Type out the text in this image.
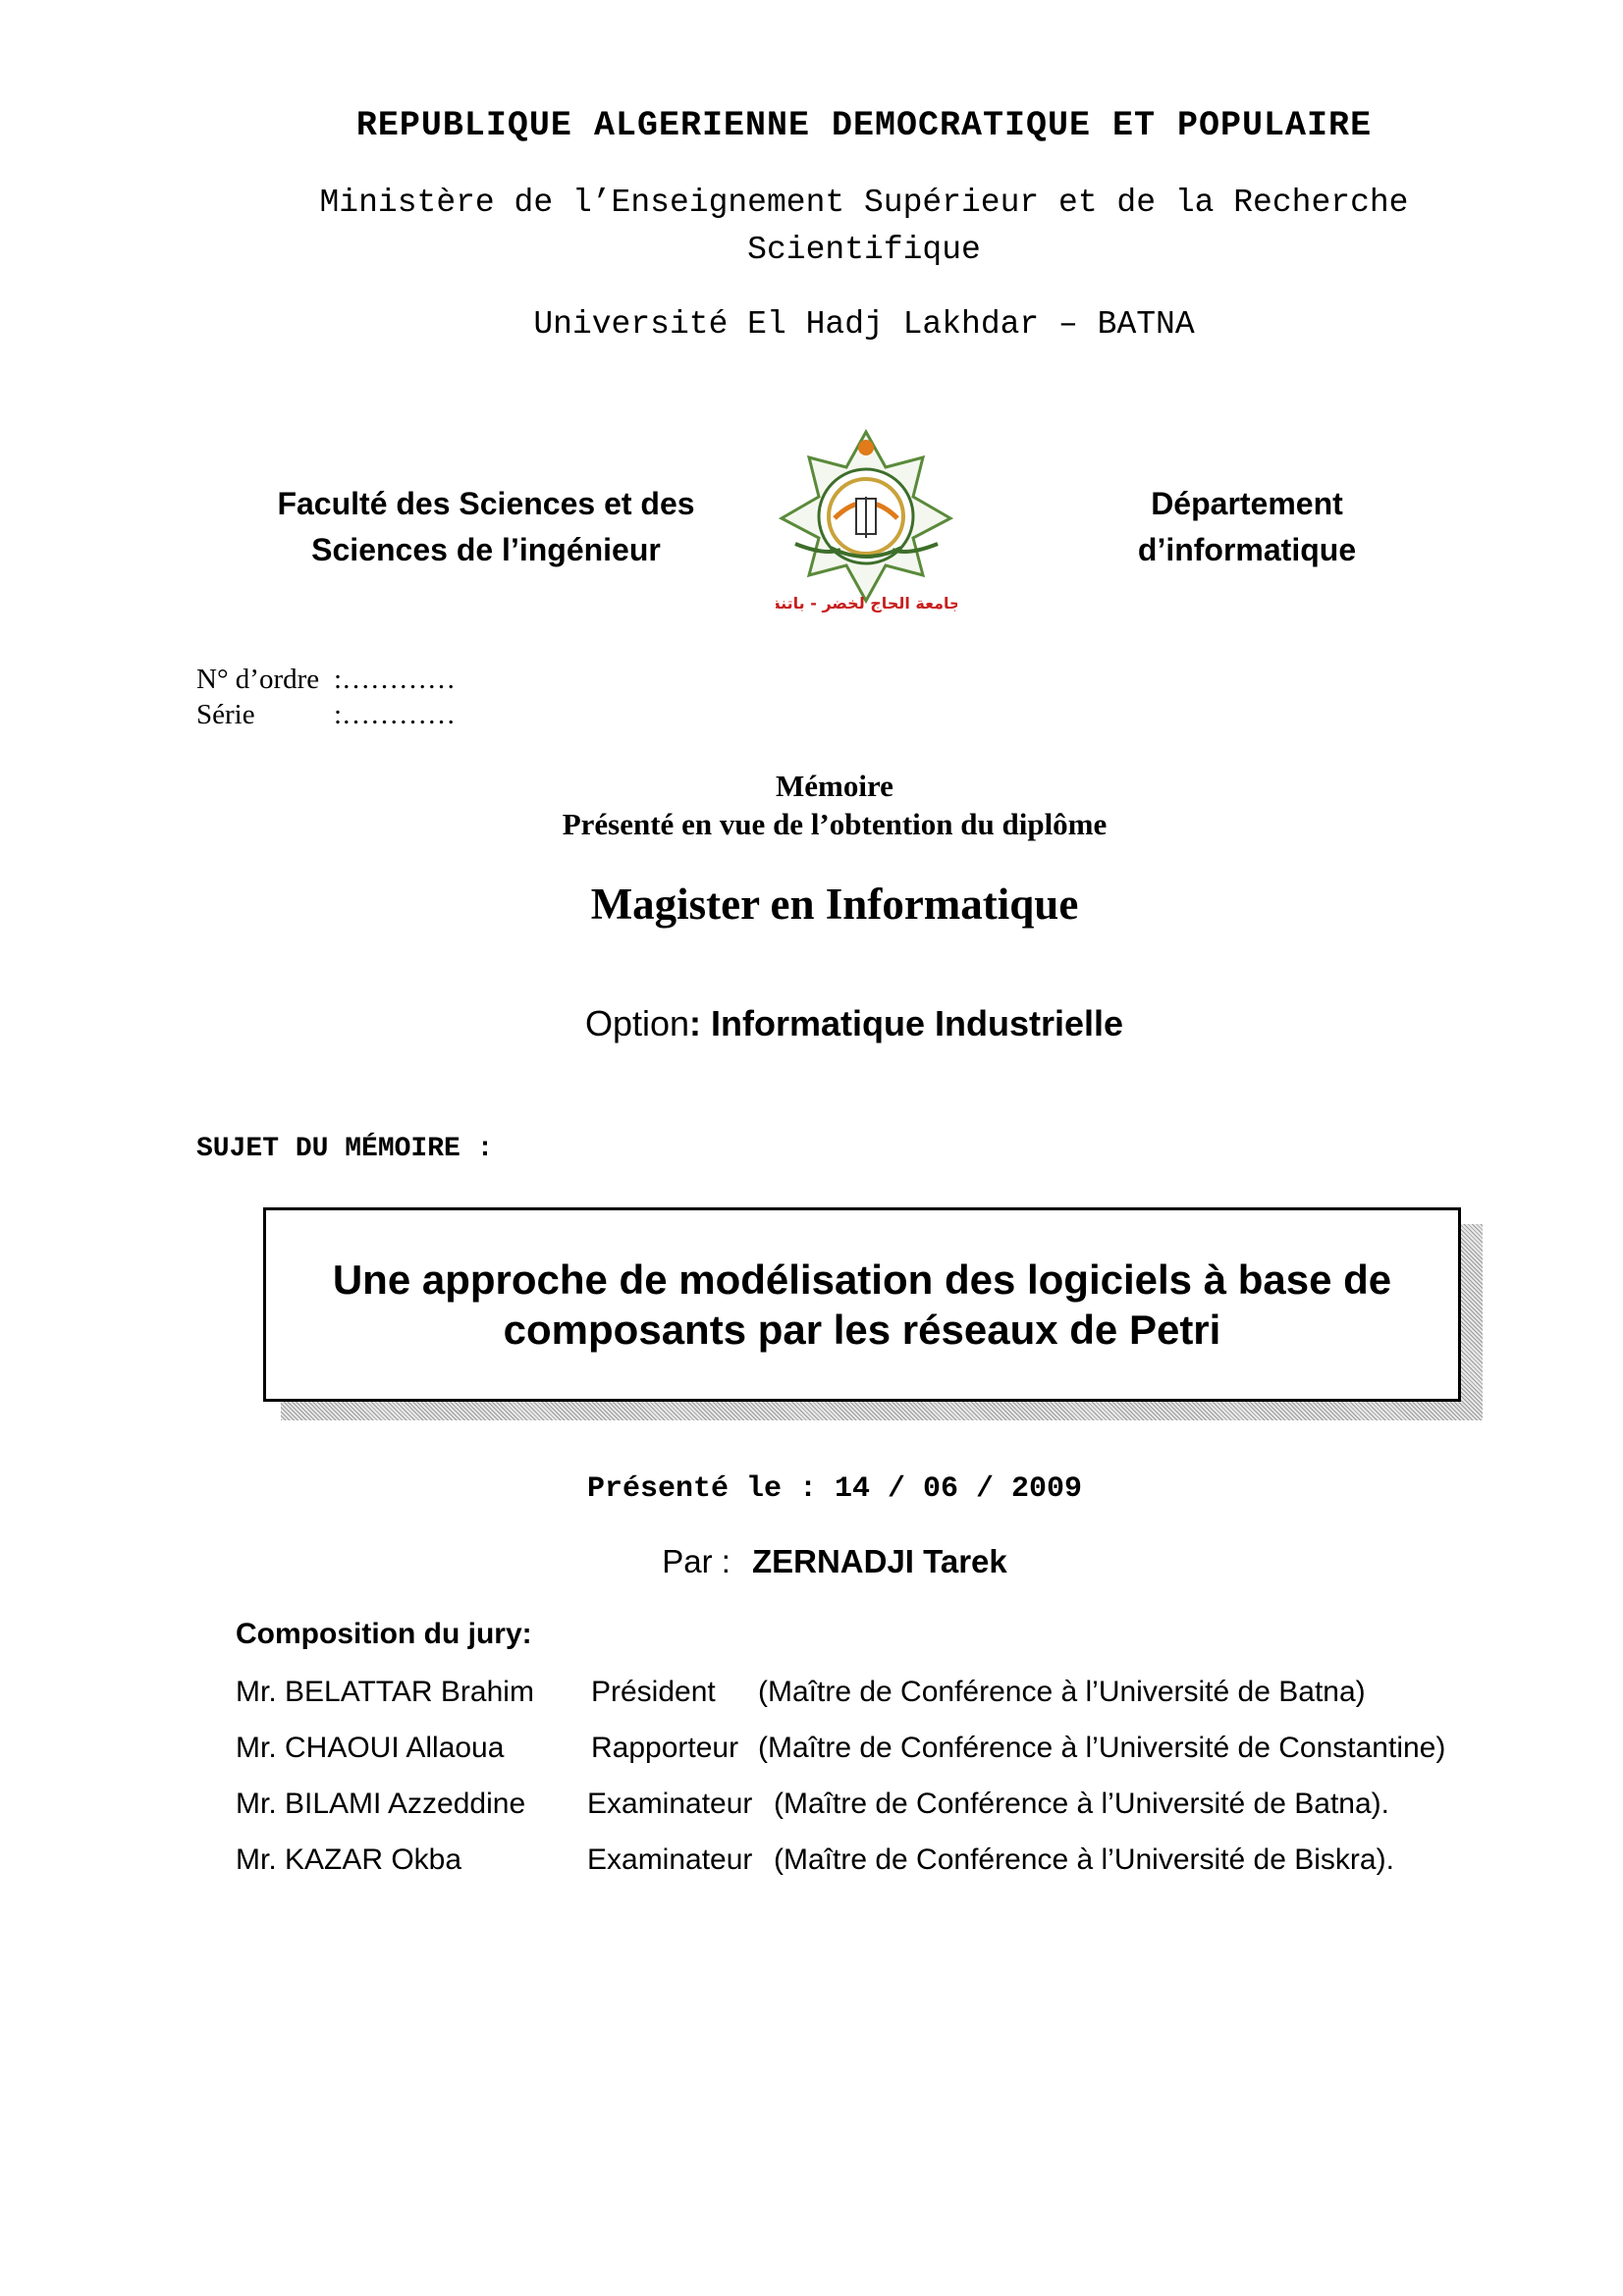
REPUBLIQUE ALGERIENNE DEMOCRATIQUE ET POPULAIRE
Ministère de l’Enseignement Supérieur et de la Recherche
Scientifique
Université El Hadj Lakhdar – BATNA
Faculté des Sciences et des
Sciences de l’ingénieur
جامعة الحاج لخضر - باتنة
Département
d’informatique
N° d’ordre :…………
Série	:…………
Mémoire
Présenté en vue de l’obtention du diplôme
Magister en Informatique
Option: Informatique Industrielle
SUJET DU MÉMOIRE :
Une approche de modélisation des logiciels à base de
composants par les réseaux de Petri
Présenté le : 14 / 06 / 2009
Par : ZERNADJI Tarek
Composition du jury:
Mr. BELATTAR Brahim Président (Maître de Conférence à l’Université de Batna)
Mr. CHAOUI Allaoua	Rapporteur (Maître de Conférence à l’Université de Constantine)
Mr. BILAMI Azzeddine Examinateur (Maître de Conférence à l’Université de Batna).
Mr. KAZAR Okba	Examinateur (Maître de Conférence à l’Université de Biskra).
